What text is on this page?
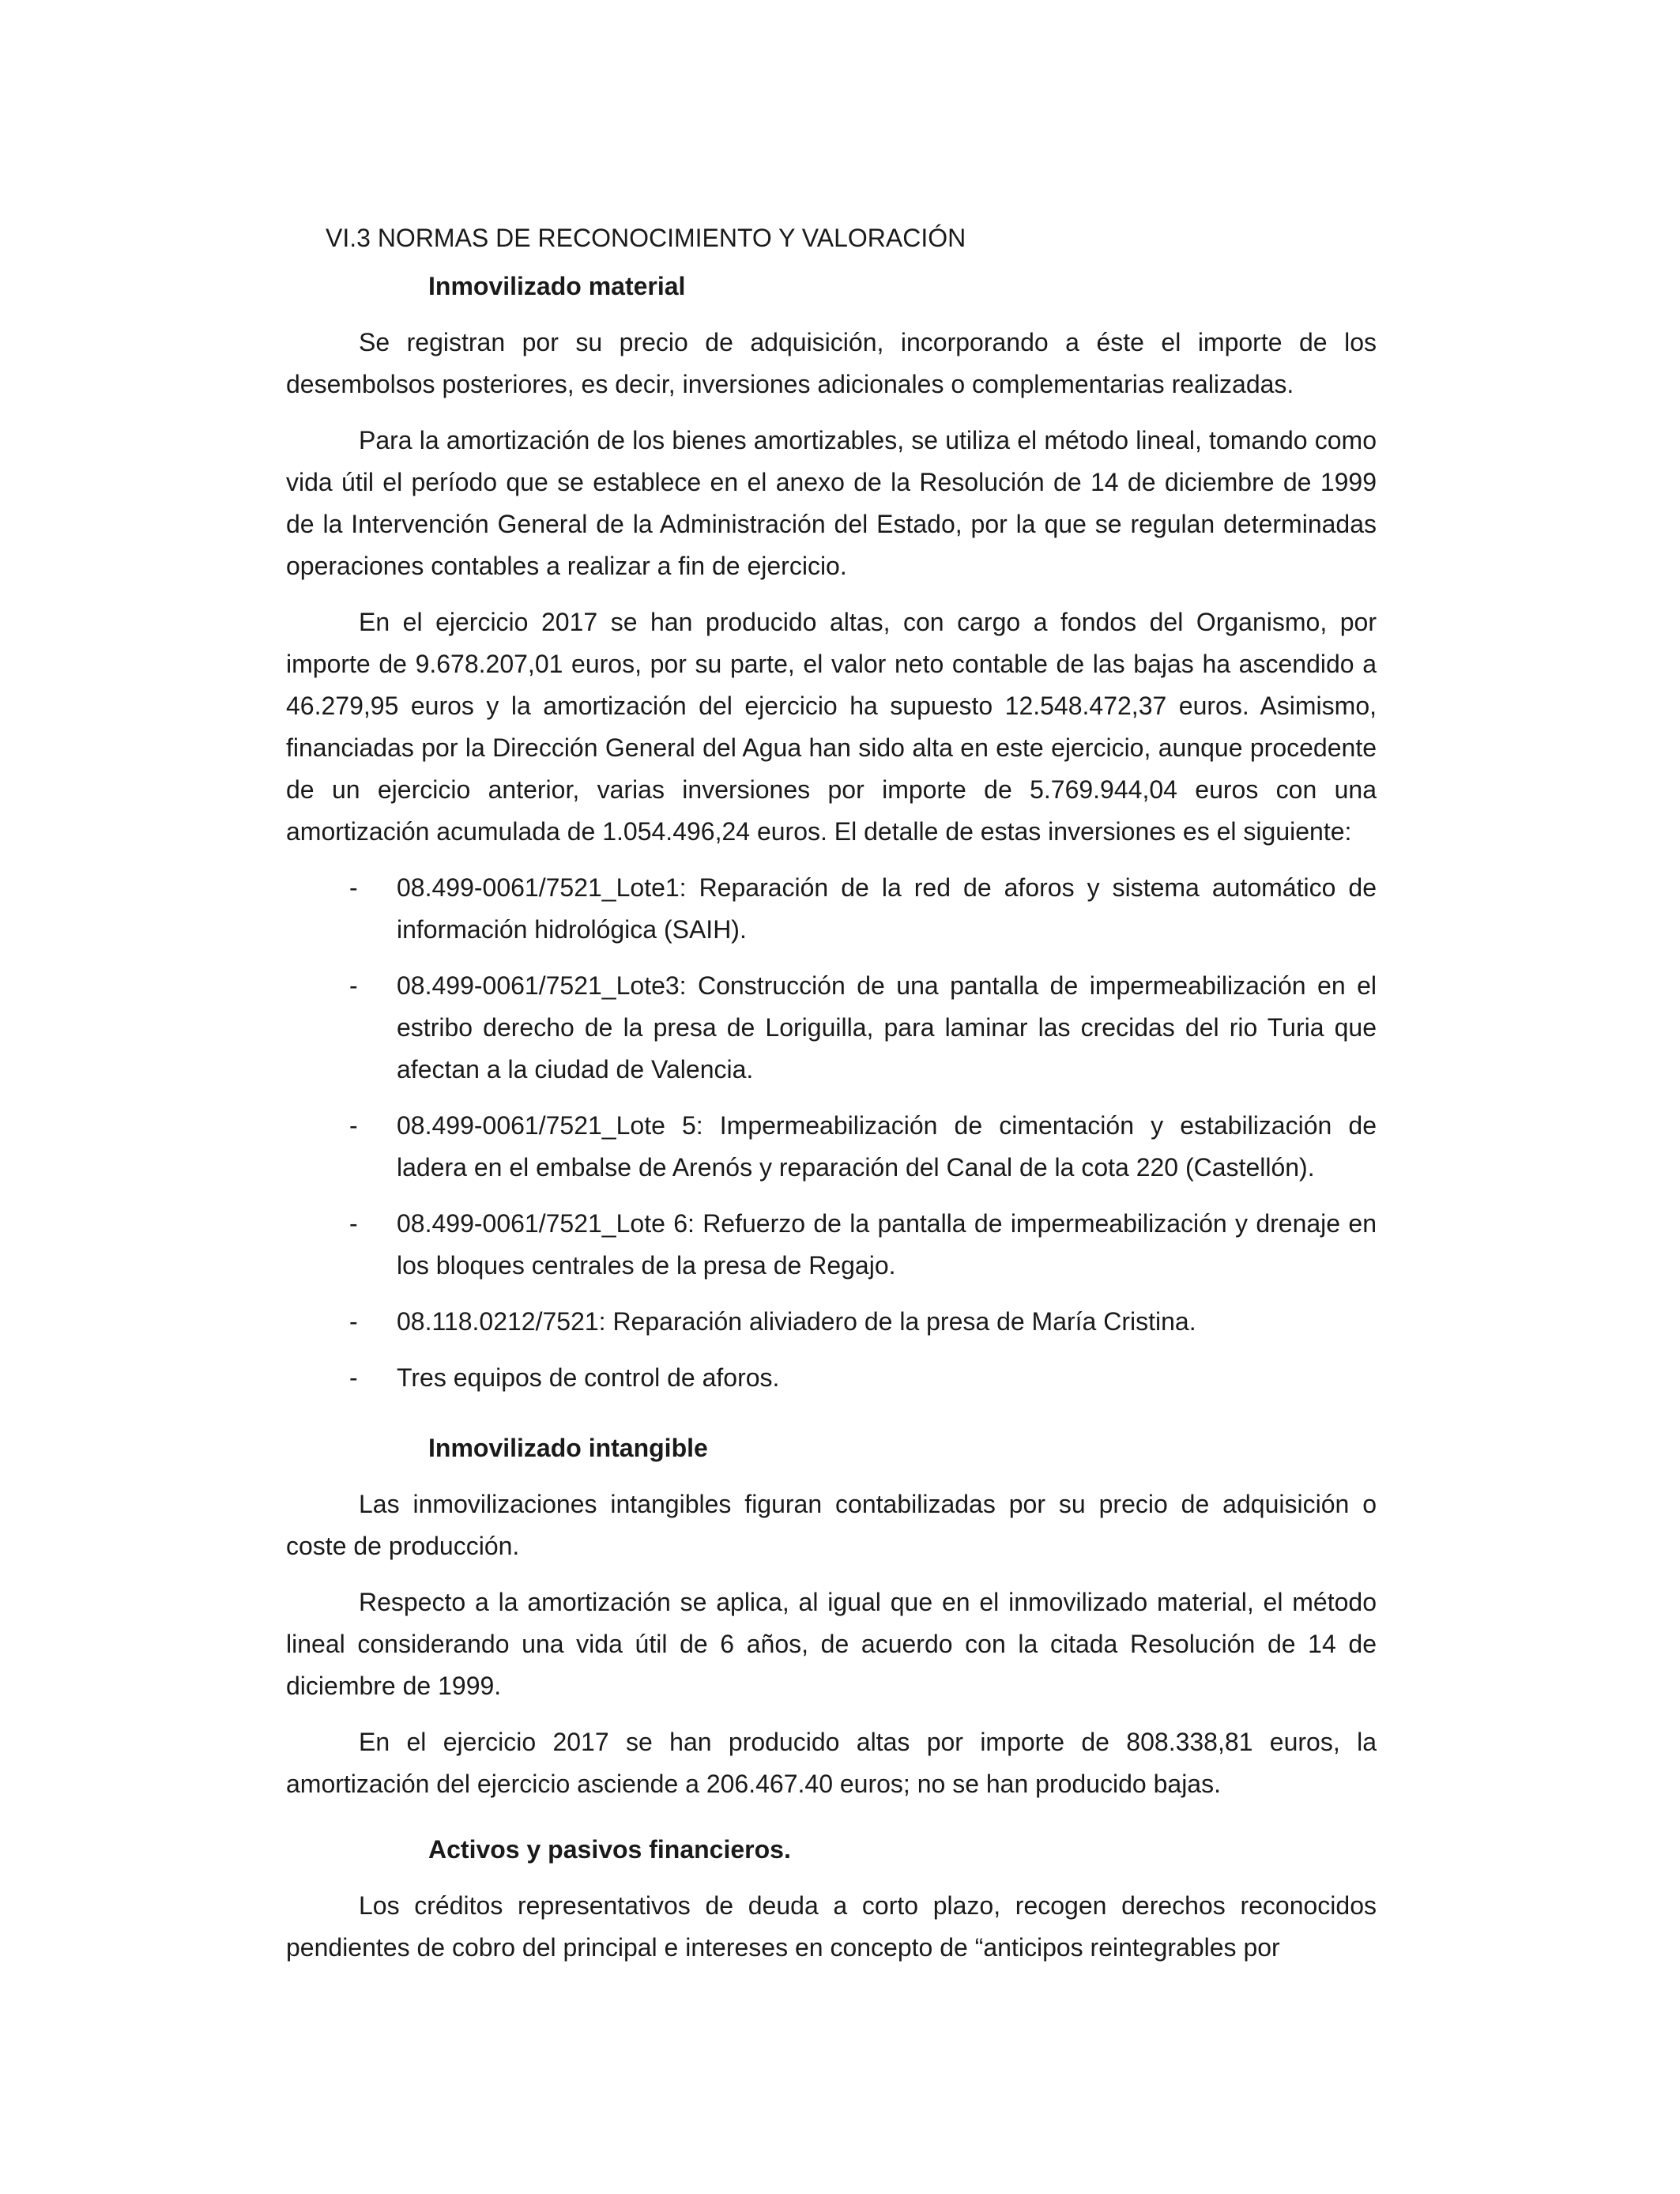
VI.3 NORMAS DE RECONOCIMIENTO Y VALORACIÓN
Inmovilizado material

Se registran por su precio de adquisición, incorporando a éste el importe de los desembolsos posteriores, es decir, inversiones adicionales o complementarias realizadas.

Para la amortización de los bienes amortizables, se utiliza el método lineal, tomando como vida útil el período que se establece en el anexo de la Resolución de 14 de diciembre de 1999 de la Intervención General de la Administración del Estado, por la que se regulan determinadas operaciones contables a realizar a fin de ejercicio.

En el ejercicio 2017 se han producido altas, con cargo a fondos del Organismo, por importe de 9.678.207,01 euros, por su parte, el valor neto contable de las bajas ha ascendido a 46.279,95 euros y la amortización del ejercicio ha supuesto 12.548.472,37 euros. Asimismo, financiadas por la Dirección General del Agua han sido alta en este ejercicio, aunque procedente de un ejercicio anterior, varias inversiones por importe de 5.769.944,04 euros con una amortización acumulada de 1.054.496,24 euros. El detalle de estas inversiones es el siguiente:

- 08.499-0061/7521_Lote1: Reparación de la red de aforos y sistema automático de información hidrológica (SAIH).
- 08.499-0061/7521_Lote3: Construcción de una pantalla de impermeabilización en el estribo derecho de la presa de Loriguilla, para laminar las crecidas del rio Turia que afectan a la ciudad de Valencia.
- 08.499-0061/7521_Lote 5: Impermeabilización de cimentación y estabilización de ladera en el embalse de Arenós y reparación del Canal de la cota 220 (Castellón).
- 08.499-0061/7521_Lote 6: Refuerzo de la pantalla de impermeabilización y drenaje en los bloques centrales de la presa de Regajo.
- 08.118.0212/7521: Reparación aliviadero de la presa de María Cristina.
- Tres equipos de control de aforos.
Inmovilizado intangible

Las inmovilizaciones intangibles figuran contabilizadas por su precio de adquisición o coste de producción.

Respecto a la amortización se aplica, al igual que en el inmovilizado material, el método lineal considerando una vida útil de 6 años, de acuerdo con la citada Resolución de 14 de diciembre de 1999.

En el ejercicio 2017 se han producido altas por importe de 808.338,81 euros, la amortización del ejercicio asciende a 206.467.40 euros; no se han producido bajas.

Activos y pasivos financieros.

Los créditos representativos de deuda a corto plazo, recogen derechos reconocidos pendientes de cobro del principal e intereses en concepto de “anticipos reintegrables por
